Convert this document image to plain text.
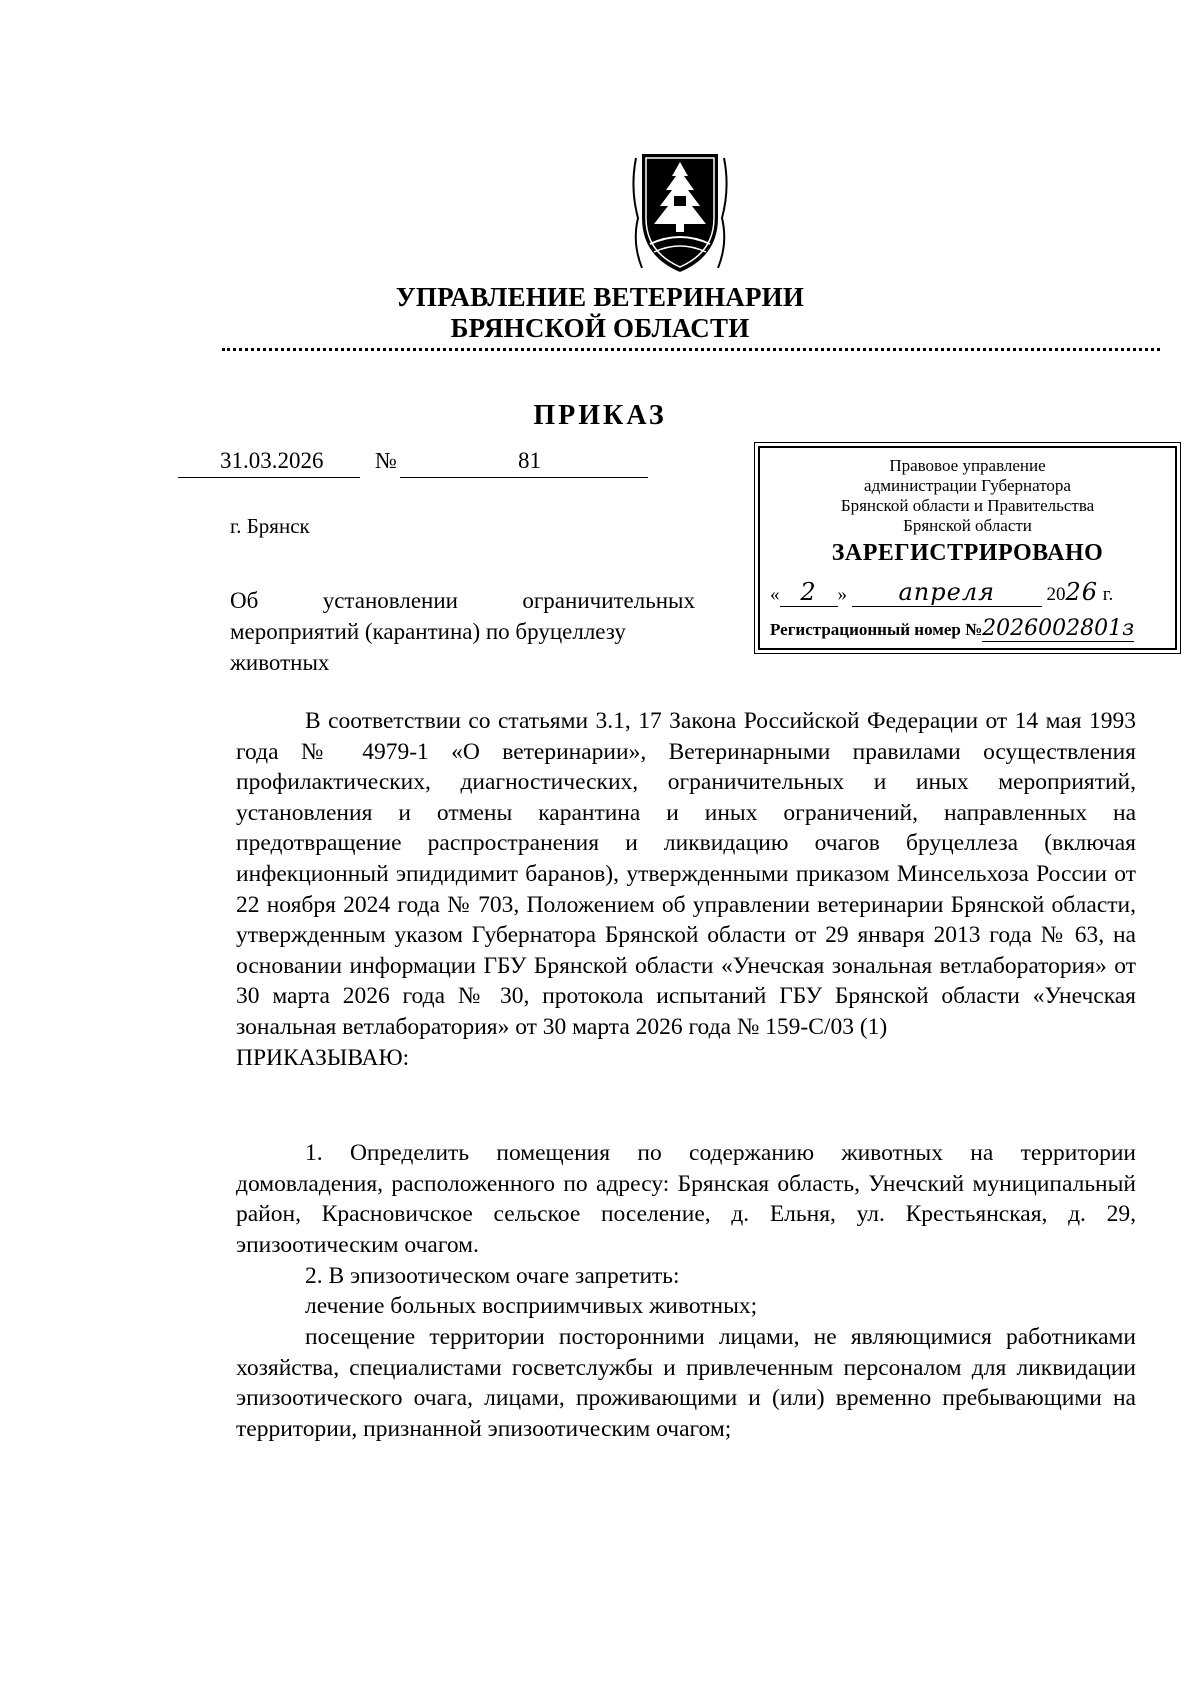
УПРАВЛЕНИЕ ВЕТЕРИНАРИИ
БРЯНСКОЙ ОБЛАСТИ
ПРИКАЗ
31.03.2026 №	81
г. Брянск
Об установлении ограничительных
мероприятий (карантина) по бруцеллезу
животных
Правовое управление
администрации Губернатора
Брянской области и Правительства
Брянской области
ЗАРЕГИСТРИРОВАНО
« 2 » апреля	2026 г.
Регистрационный номер №2026002801з
В соответствии со статьями 3.1, 17 Закона Российской Федерации от 14 мая 1993 года № 4979-1 «О ветеринарии», Ветеринарными правилами осуществления профилактических, диагностических, ограничительных и иных мероприятий, установления и отмены карантина и иных ограничений, направленных на предотвращение распространения и ликвидацию очагов бруцеллеза (включая инфекционный эпидидимит баранов), утвержденными приказом Минсельхоза России от 22 ноября 2024 года № 703, Положением об управлении ветеринарии Брянской области, утвержденным указом Губернатора Брянской области от 29 января 2013 года № 63, на основании информации ГБУ Брянской области «Унечская зональная ветлаборатория» от 30 марта 2026 года № 30, протокола испытаний ГБУ Брянской области «Унечская зональная ветлаборатория» от 30 марта 2026 года № 159-С/03 (1)
ПРИКАЗЫВАЮ:
1. Определить помещения по содержанию животных на территории домовладения, расположенного по адресу: Брянская область, Унечский муниципальный район, Красновичское сельское поселение, д. Ельня, ул. Крестьянская, д. 29, эпизоотическим очагом.
2. В эпизоотическом очаге запретить:
лечение больных восприимчивых животных;
посещение территории посторонними лицами, не являющимися работниками хозяйства, специалистами госветслужбы и привлеченным персоналом для ликвидации эпизоотического очага, лицами, проживающими и (или) временно пребывающими на территории, признанной эпизоотическим очагом;
